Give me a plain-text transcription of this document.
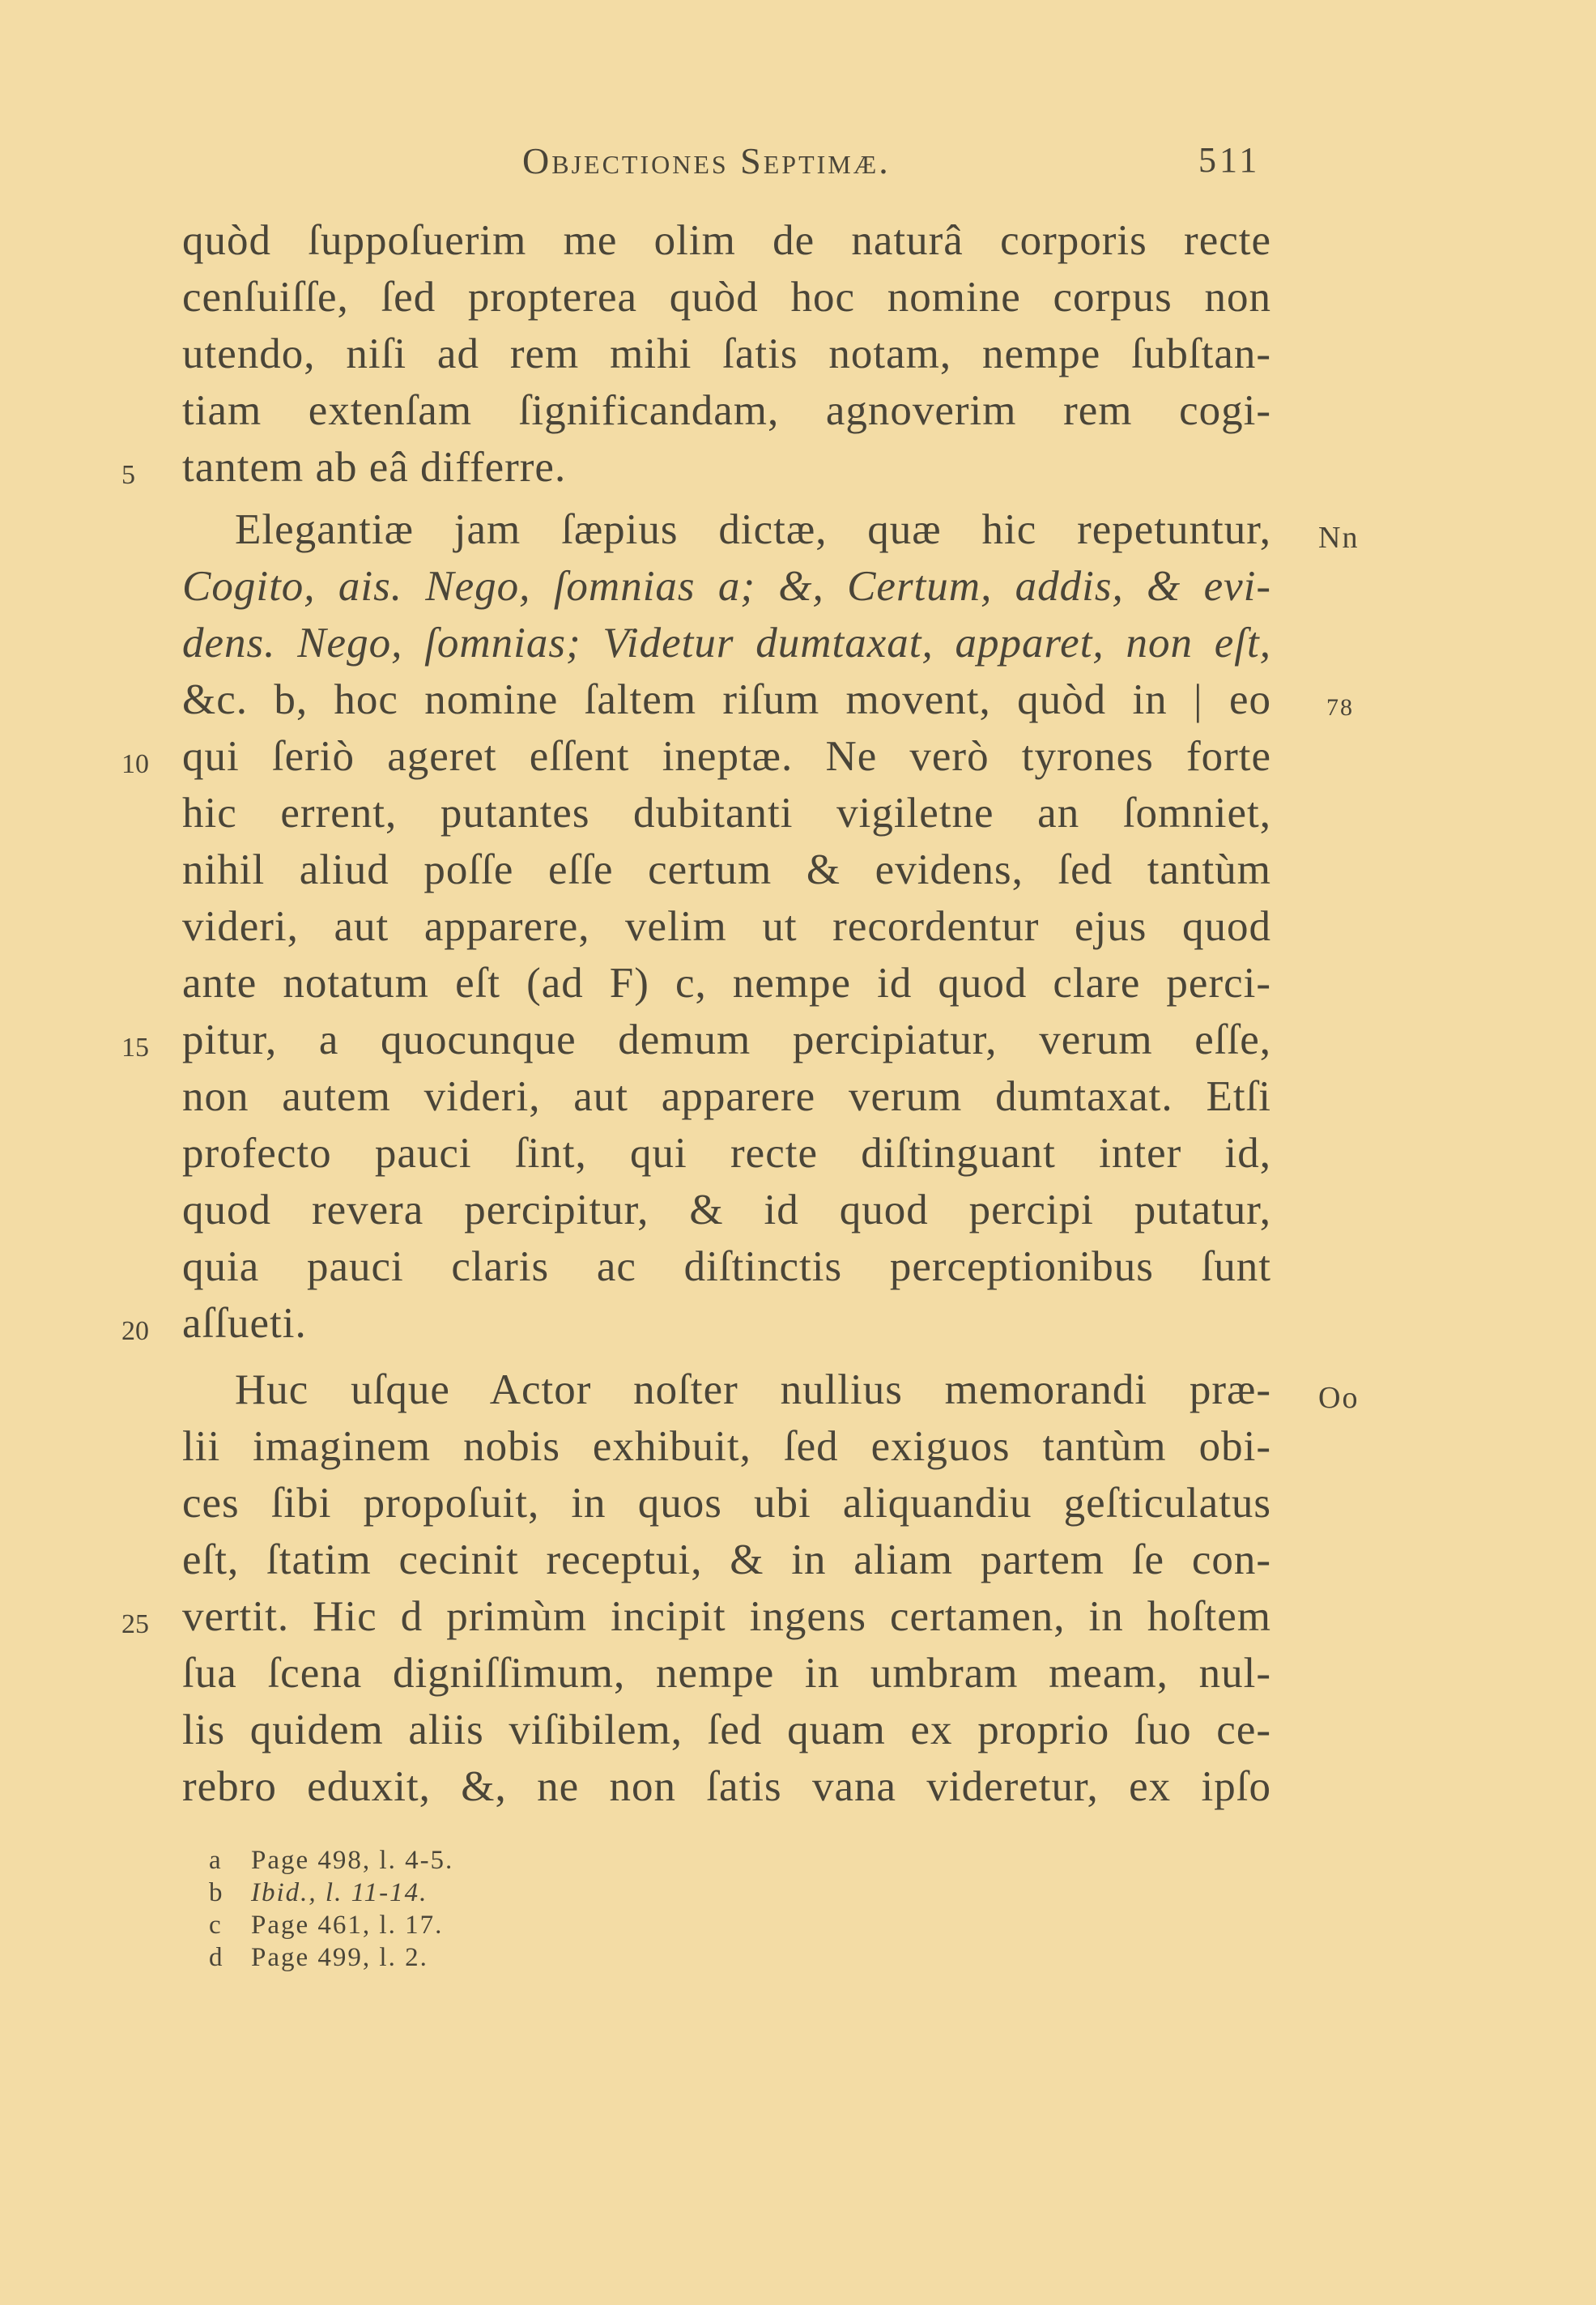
Objectiones Septimæ.	511
quòd ſuppoſuerim me olim de naturâ corporis recte
cenſuiſſe, ſed propterea quòd hoc nomine corpus non
utendo, niſi ad rem mihi ſatis notam, nempe ſubſtan-
tiam extenſam ſignificandam, agnoverim rem cogi-
tantem ab eâ differre.
Elegantiæ jam ſæpius dictæ, quæ hic repetuntur,
Cogito, ais. Nego, ſomnias a; &, Certum, addis, & evi-
dens. Nego, ſomnias; Videtur dumtaxat, apparet, non eſt,
&c. b, hoc nomine ſaltem riſum movent, quòd in | eo
qui ſeriò ageret eſſent ineptæ. Ne verò tyrones forte
hic errent, putantes dubitanti vigiletne an ſomniet,
nihil aliud poſſe eſſe certum & evidens, ſed tantùm
videri, aut apparere, velim ut recordentur ejus quod
ante notatum eſt (ad F) c, nempe id quod clare perci-
pitur, a quocunque demum percipiatur, verum eſſe,
non autem videri, aut apparere verum dumtaxat. Etſi
profecto pauci ſint, qui recte diſtinguant inter id,
quod revera percipitur, & id quod percipi putatur,
quia pauci claris ac diſtinctis perceptionibus ſunt
aſſueti.
Huc uſque Actor noſter nullius memorandi præ-
lii imaginem nobis exhibuit, ſed exiguos tantùm obi-
ces ſibi propoſuit, in quos ubi aliquandiu geſticulatus
eſt, ſtatim cecinit receptui, & in aliam partem ſe con-
vertit. Hic d primùm incipit ingens certamen, in hoſtem
ſua ſcena digniſſimum, nempe in umbram meam, nul-
lis quidem aliis viſibilem, ſed quam ex proprio ſuo ce-
rebro eduxit, &, ne non ſatis vana videretur, ex ipſo
5
10
15
20
25
Nn
78
Oo
a Page 498, l. 4-5.
b Ibid., l. 11-14.
c Page 461, l. 17.
d Page 499, l. 2.
